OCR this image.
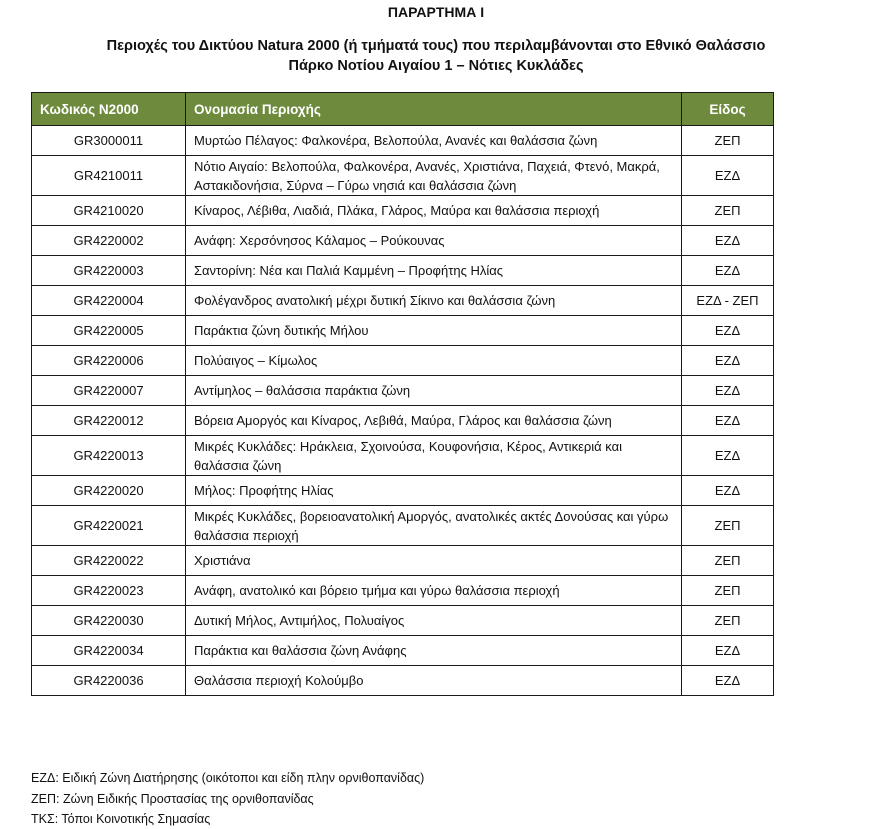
ΠΑΡΑΡΤΗΜΑ Ι
Περιοχές του Δικτύου Natura 2000 (ή τμήματά τους) που περιλαμβάνονται στο Εθνικό Θαλάσσιο
Πάρκο Νοτίου Αιγαίου 1 – Νότιες Κυκλάδες
Κωδικός Ν2000	Ονομασία Περιοχής	Είδος
GR3000011	Μυρτώο Πέλαγος: Φαλκονέρα, Βελοπούλα, Ανανές και θαλάσσια ζώνη	ΖΕΠ
GR4210011	Νότιο Αιγαίο: Βελοπούλα, Φαλκονέρα, Ανανές, Χριστιάνα, Παχειά, Φτενό, Μακρά, Αστακιδονήσια, Σύρνα – Γύρω νησιά και θαλάσσια ζώνη	ΕΖΔ
GR4210020	Κίναρος, Λέβιθα, Λιαδιά, Πλάκα, Γλάρος, Μαύρα και θαλάσσια περιοχή	ΖΕΠ
GR4220002	Ανάφη: Χερσόνησος Κάλαμος – Ρούκουνας	ΕΖΔ
GR4220003	Σαντορίνη: Νέα και Παλιά Καμμένη – Προφήτης Ηλίας	ΕΖΔ
GR4220004	Φολέγανδρος ανατολική μέχρι δυτική Σίκινο και θαλάσσια ζώνη	ΕΖΔ - ΖΕΠ
GR4220005	Παράκτια ζώνη δυτικής Μήλου	ΕΖΔ
GR4220006	Πολύαιγος – Κίμωλος	ΕΖΔ
GR4220007	Αντίμηλος – θαλάσσια παράκτια ζώνη	ΕΖΔ
GR4220012	Βόρεια Αμοργός και Κίναρος, Λεβιθά, Μαύρα, Γλάρος και θαλάσσια ζώνη	ΕΖΔ
GR4220013	Μικρές Κυκλάδες: Ηράκλεια, Σχοινούσα, Κουφονήσια, Κέρος, Αντικεριά και θαλάσσια ζώνη	ΕΖΔ
GR4220020	Μήλος: Προφήτης Ηλίας	ΕΖΔ
GR4220021	Μικρές Κυκλάδες, βορειοανατολική Αμοργός, ανατολικές ακτές Δονούσας και γύρω θαλάσσια περιοχή	ΖΕΠ
GR4220022	Χριστιάνα	ΖΕΠ
GR4220023	Ανάφη, ανατολικό και βόρειο τμήμα και γύρω θαλάσσια περιοχή	ΖΕΠ
GR4220030	Δυτική Μήλος, Αντιμήλος, Πολυαίγος	ΖΕΠ
GR4220034	Παράκτια και θαλάσσια ζώνη Ανάφης	ΕΖΔ
GR4220036	Θαλάσσια περιοχή Κολούμβο	ΕΖΔ
ΕΖΔ: Ειδική Ζώνη Διατήρησης (οικότοποι και είδη πλην ορνιθοπανίδας)
ΖΕΠ: Ζώνη Ειδικής Προστασίας της ορνιθοπανίδας
ΤΚΣ: Τόποι Κοινοτικής Σημασίας
